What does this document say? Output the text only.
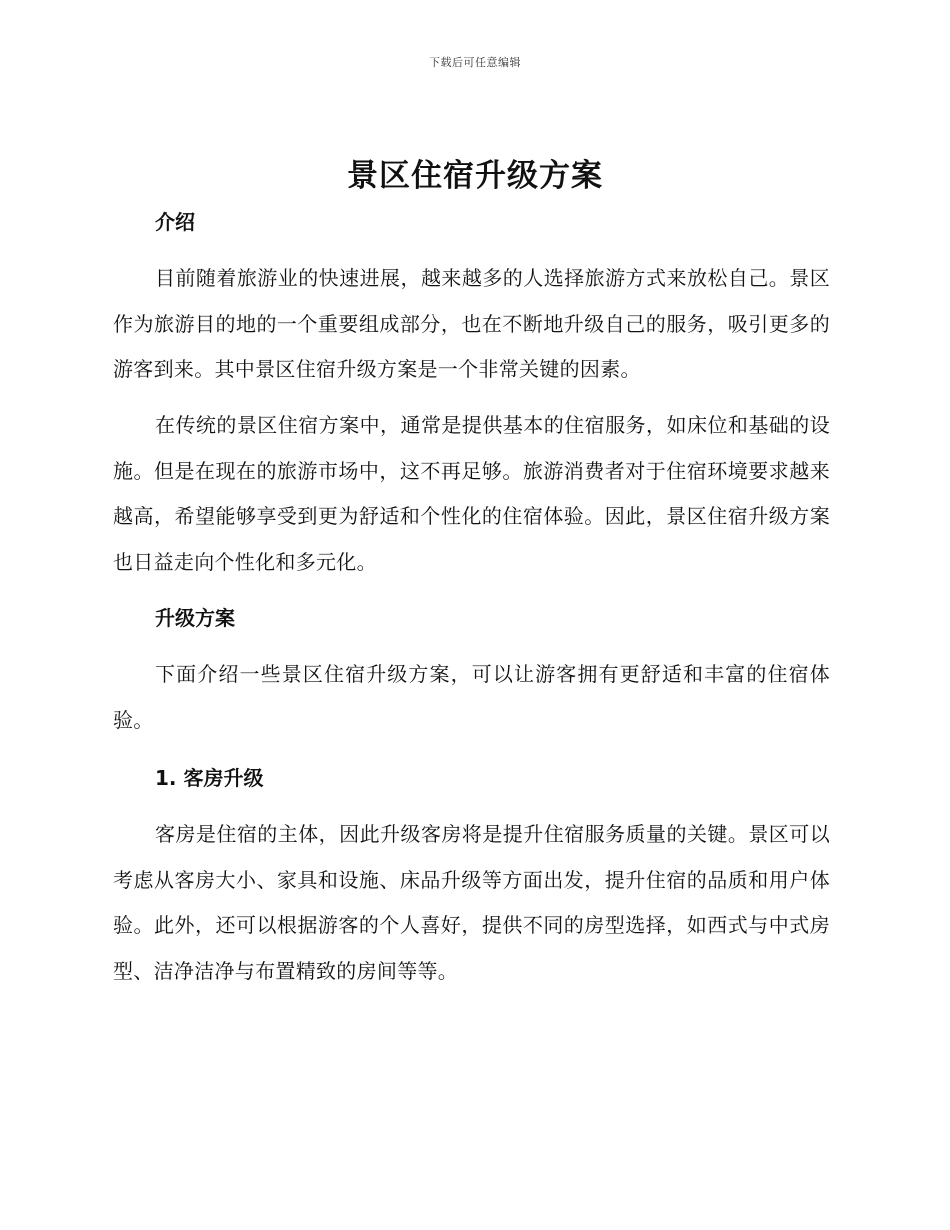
下载后可任意编辑
景区住宿升级方案
介绍

目前随着旅游业的快速进展，越来越多的人选择旅游方式来放松自己。景区作为旅游目的地的一个重要组成部分，也在不断地升级自己的服务，吸引更多的游客到来。其中景区住宿升级方案是一个非常关键的因素。

在传统的景区住宿方案中，通常是提供基本的住宿服务，如床位和基础的设施。但是在现在的旅游市场中，这不再足够。旅游消费者对于住宿环境要求越来越高，希望能够享受到更为舒适和个性化的住宿体验。因此，景区住宿升级方案也日益走向个性化和多元化。

升级方案

下面介绍一些景区住宿升级方案，可以让游客拥有更舒适和丰富的住宿体验。

1. 客房升级

客房是住宿的主体，因此升级客房将是提升住宿服务质量的关键。景区可以考虑从客房大小、家具和设施、床品升级等方面出发，提升住宿的品质和用户体验。此外，还可以根据游客的个人喜好，提供不同的房型选择，如西式与中式房型、洁净洁净与布置精致的房间等等。
